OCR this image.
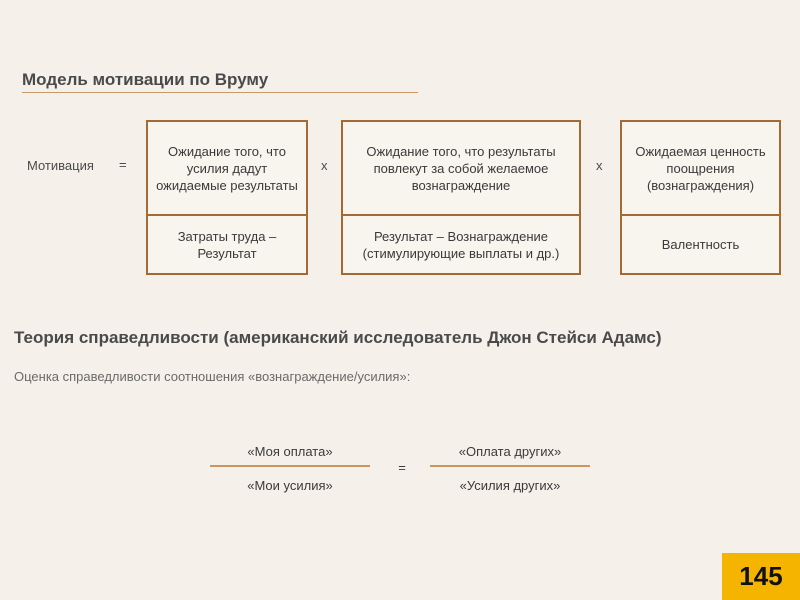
Модель мотивации по Вруму
Мотивация =
Ожидание того, что усилия дадут ожидаемые результаты
Затраты труда – Результат
х
Ожидание того, что результаты повлекут за собой желаемое вознаграждение
Результат – Вознаграждение (стимулирующие выплаты и др.)
х
Ожидаемая ценность поощрения (вознаграждения)
Валентность
Теория справедливости (американский исследователь Джон Стейси Адамс)
Оценка справедливости соотношения «вознаграждение/усилия»:
«Моя оплата»
«Мои усилия»
=
«Оплата других»
«Усилия других»
145
